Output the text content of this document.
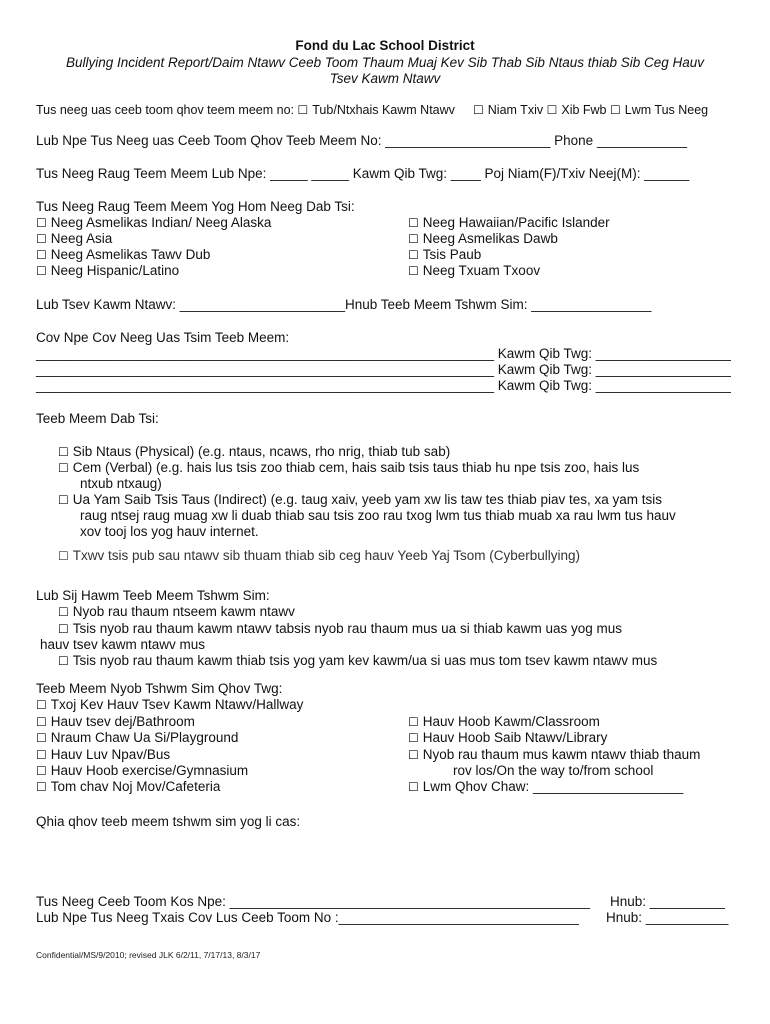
Fond du Lac School District
Bullying Incident Report/Daim Ntawv Ceeb Toom Thaum Muaj Kev Sib Thab Sib Ntaus thiab Sib Ceg Hauv
Tsev Kawm Ntawv
Tus neeg uas ceeb toom qhov teem meem no: ☐ Tub/Ntxhais Kawm Ntawv ☐ Niam Txiv ☐ Xib Fwb ☐ Lwm Tus Neeg
Lub Npe Tus Neeg uas Ceeb Toom Qhov Teeb Meem No: ______________________ Phone ____________
Tus Neeg Raug Teem Meem Lub Npe: _____ _____ Kawm Qib Twg: ____ Poj Niam(F)/Txiv Neej(M): ______
Tus Neeg Raug Teem Meem Yog Hom Neeg Dab Tsi:
☐ Neeg Asmelikas Indian/ Neeg Alaska
☐ Neeg Asia
☐ Neeg Asmelikas Tawv Dub
☐ Neeg Hispanic/Latino
☐ Neeg Hawaiian/Pacific Islander
☐ Neeg Asmelikas Dawb
☐ Tsis Paub
☐ Neeg Txuam Txoov
Lub Tsev Kawm Ntawv: ______________________Hnub Teeb Meem Tshwm Sim: ________________
Cov Npe Cov Neeg Uas Tsim Teeb Meem:
_____________________________________________________________ Kawm Qib Twg: __________________
_____________________________________________________________ Kawm Qib Twg: __________________
_____________________________________________________________ Kawm Qib Twg: __________________
Teeb Meem Dab Tsi:
☐ Sib Ntaus (Physical) (e.g. ntaus, ncaws, rho nrig, thiab tub sab)
☐ Cem (Verbal) (e.g. hais lus tsis zoo thiab cem, hais saib tsis taus thiab hu npe tsis zoo, hais lus
ntxub ntxaug)
☐ Ua Yam Saib Tsis Taus (Indirect) (e.g. taug xaiv, yeeb yam xw lis taw tes thiab piav tes, xa yam tsis
raug ntsej raug muag xw li duab thiab sau tsis zoo rau txog lwm tus thiab muab xa rau lwm tus hauv
xov tooj los yog hauv internet.
☐ Txwv tsis pub sau ntawv sib thuam thiab sib ceg hauv Yeeb Yaj Tsom (Cyberbullying)
Lub Sij Hawm Teeb Meem Tshwm Sim:
☐ Nyob rau thaum ntseem kawm ntawv
☐ Tsis nyob rau thaum kawm ntawv tabsis nyob rau thaum mus ua si thiab kawm uas yog mus
hauv tsev kawm ntawv mus
☐ Tsis nyob rau thaum kawm thiab tsis yog yam kev kawm/ua si uas mus tom tsev kawm ntawv mus
Teeb Meem Nyob Tshwm Sim Qhov Twg:
☐ Txoj Kev Hauv Tsev Kawm Ntawv/Hallway
☐ Hauv tsev dej/Bathroom
☐ Nraum Chaw Ua Si/Playground
☐ Hauv Luv Npav/Bus
☐ Hauv Hoob exercise/Gymnasium
☐ Tom chav Noj Mov/Cafeteria
☐ Hauv Hoob Kawm/Classroom
☐ Hauv Hoob Saib Ntawv/Library
☐ Nyob rau thaum mus kawm ntawv thiab thaum
rov los/On the way to/from school
☐ Lwm Qhov Chaw: ____________________
Qhia qhov teeb meem tshwm sim yog li cas:
Tus Neeg Ceeb Toom Kos Npe: ________________________________________________ Hnub: __________
Lub Npe Tus Neeg Txais Cov Lus Ceeb Toom No :________________________________ Hnub: ___________
Confidential/MS/9/2010; revised JLK 6/2/11, 7/17/13, 8/3/17
